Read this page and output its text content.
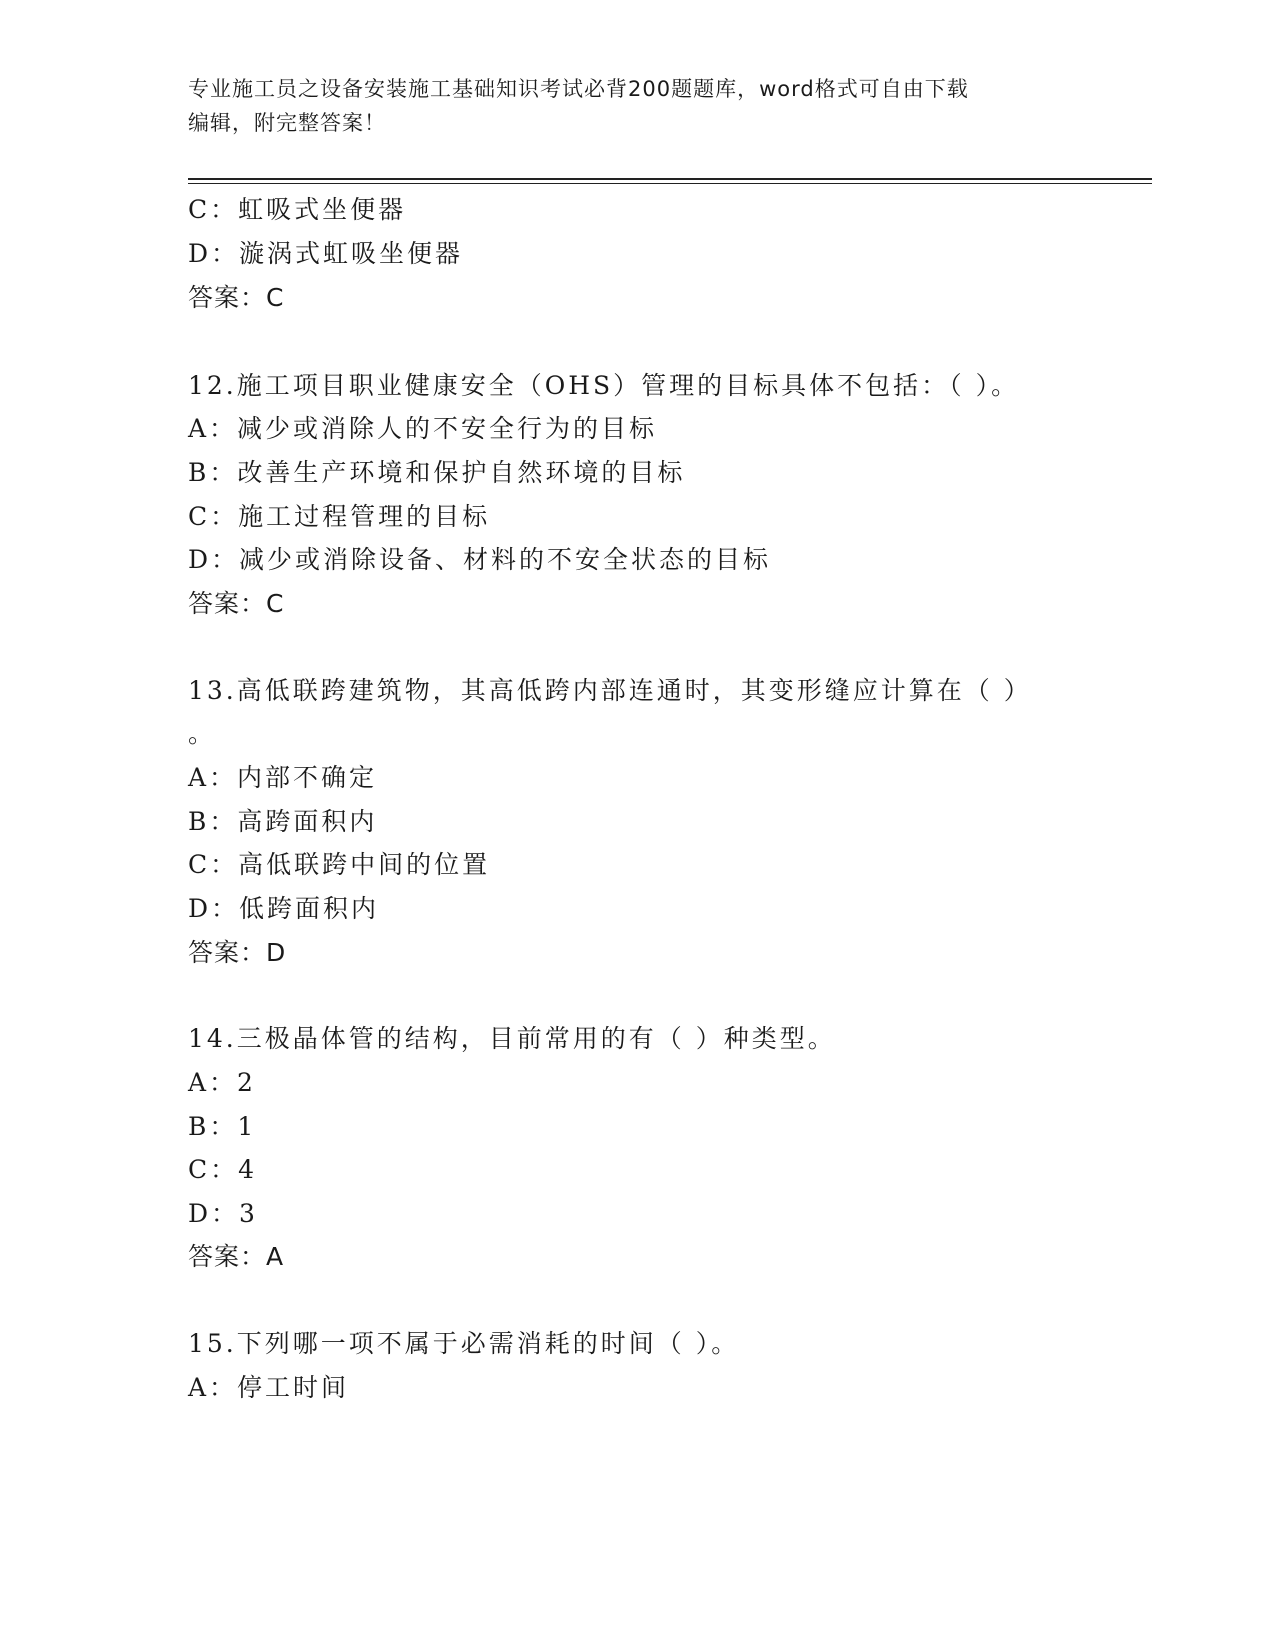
专业施工员之设备安装施工基础知识考试必背200题题库，word格式可自由下载
编辑，附完整答案！
C：虹吸式坐便器
D：漩涡式虹吸坐便器
答案：C
12.施工项目职业健康安全（OHS）管理的目标具体不包括：（ ）。
A：减少或消除人的不安全行为的目标
B：改善生产环境和保护自然环境的目标
C：施工过程管理的目标
D：减少或消除设备、材料的不安全状态的目标
答案：C
13.高低联跨建筑物，其高低跨内部连通时，其变形缝应计算在（ ）
。
A：内部不确定
B：高跨面积内
C：高低联跨中间的位置
D：低跨面积内
答案：D
14.三极晶体管的结构，目前常用的有（ ）种类型。
A：2
B：1
C：4
D：3
答案：A
15.下列哪一项不属于必需消耗的时间（ ）。
A：停工时间
